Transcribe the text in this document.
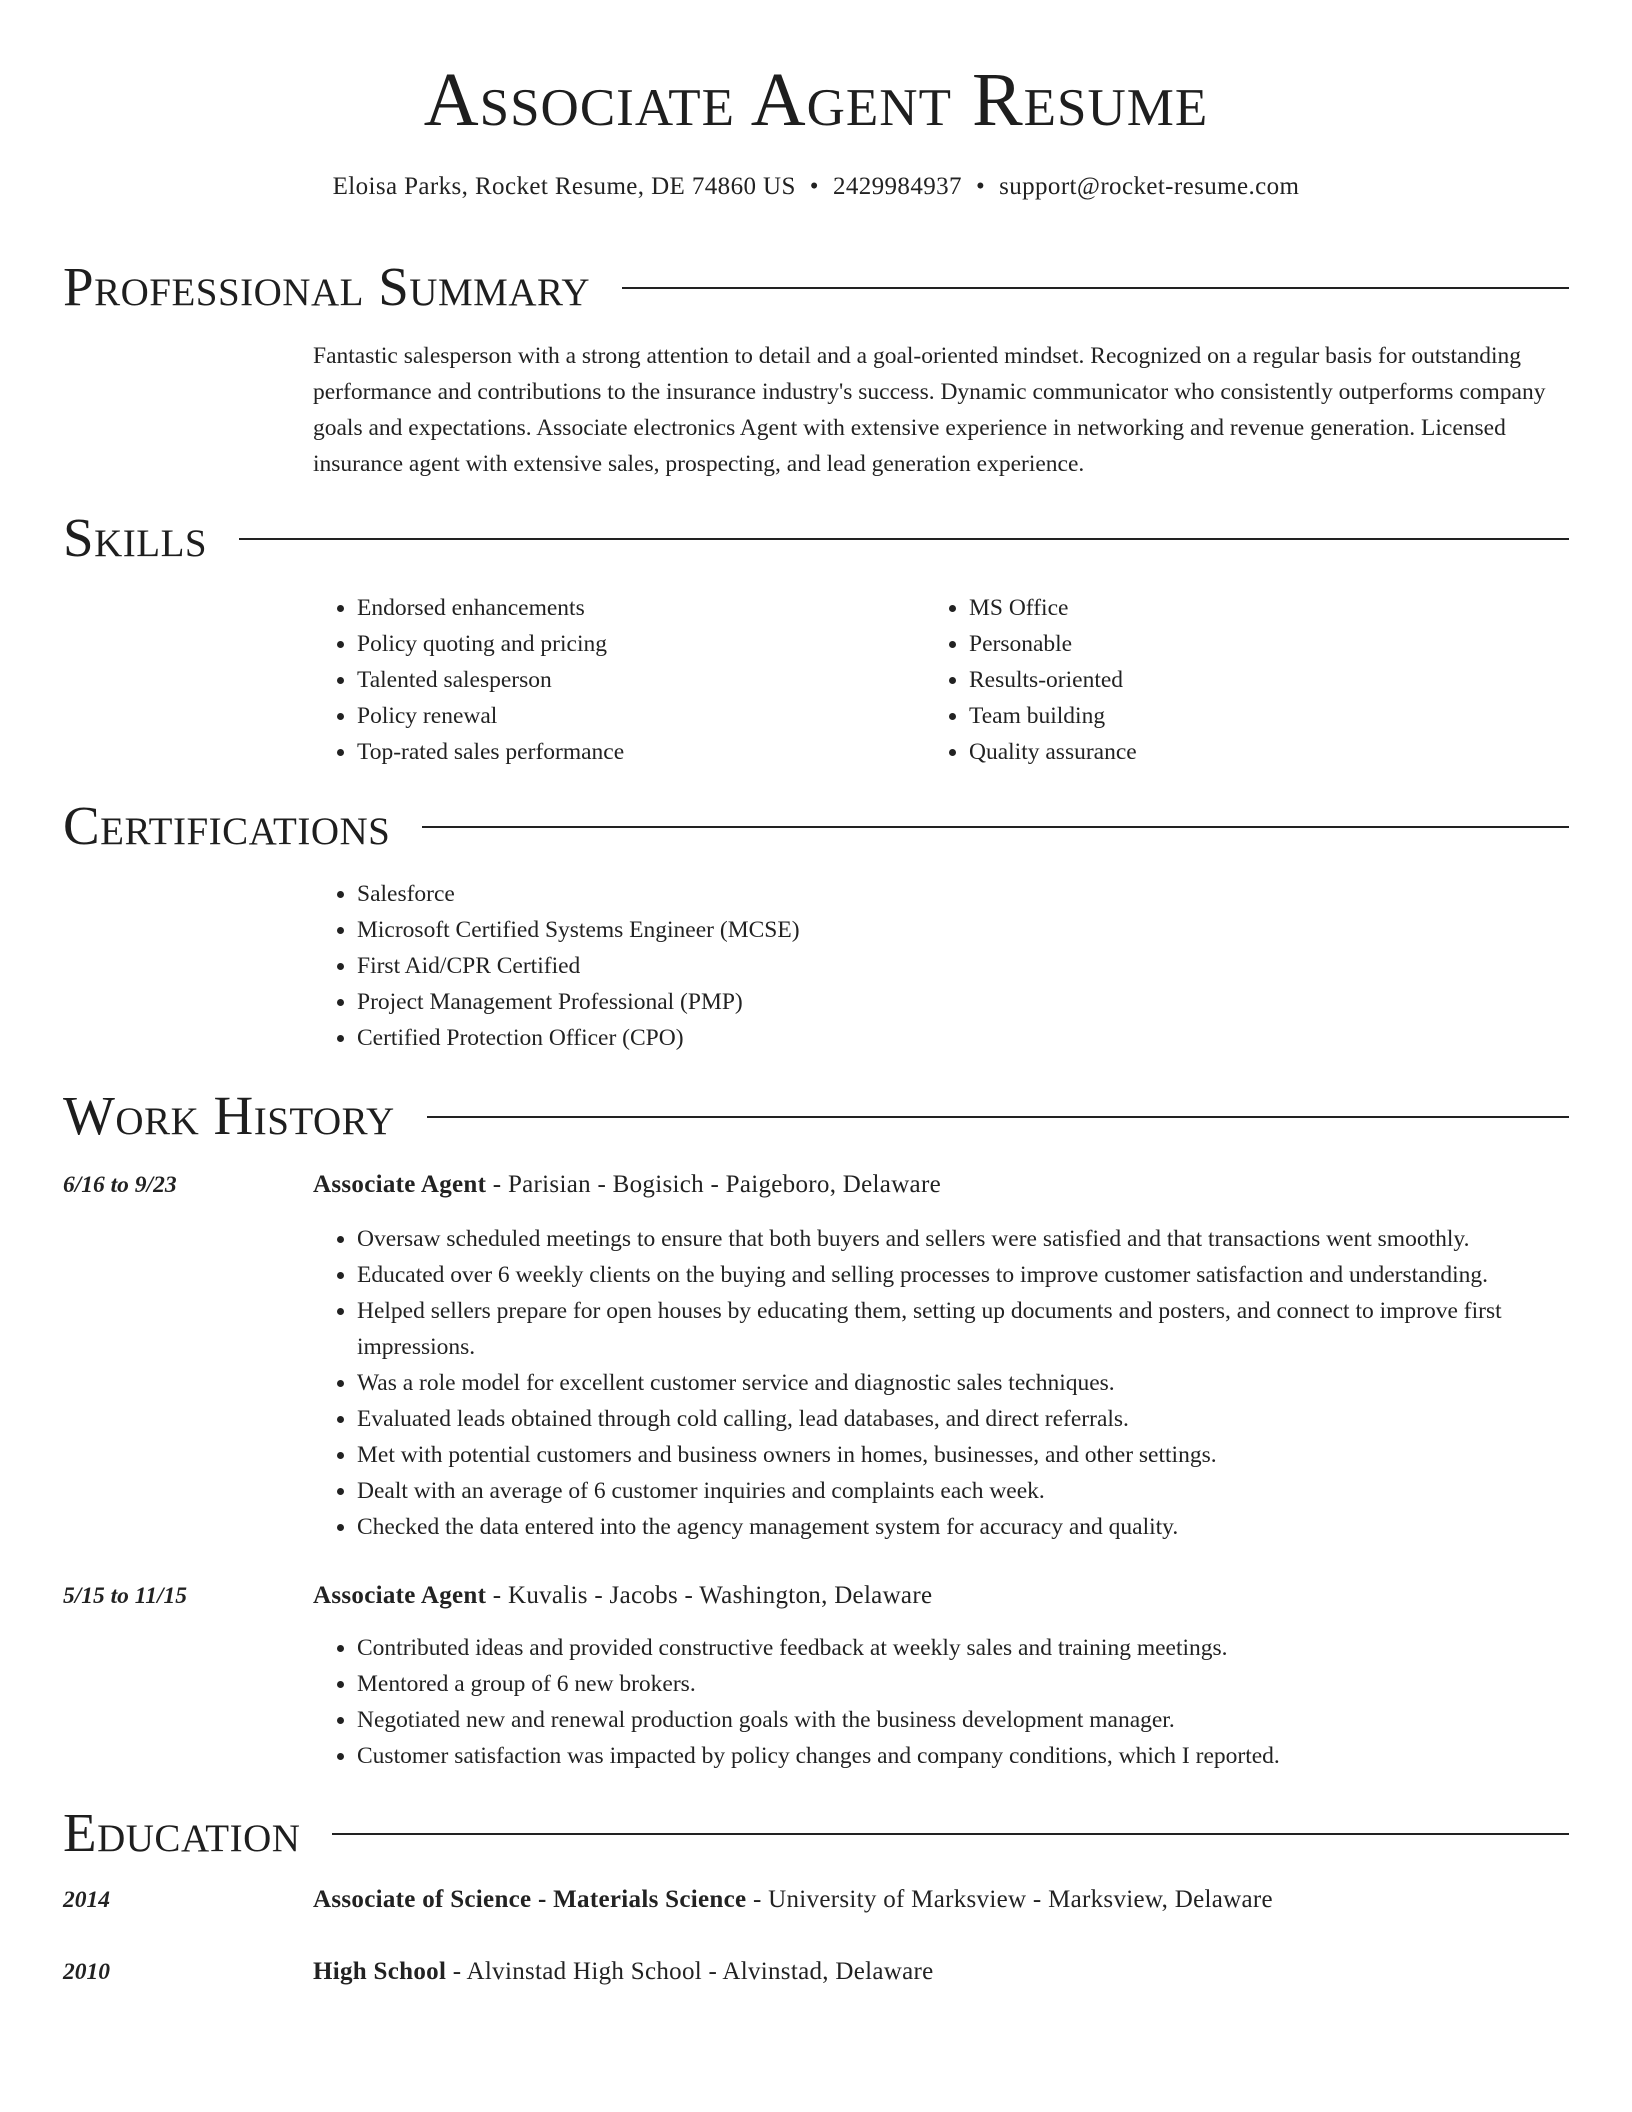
Associate Agent Resume
Eloisa Parks, Rocket Resume, DE 74860 US • 2429984937 • support@rocket-resume.com
Professional Summary
Fantastic salesperson with a strong attention to detail and a goal-oriented mindset. Recognized on a regular basis for outstanding performance and contributions to the insurance industry's success. Dynamic communicator who consistently outperforms company goals and expectations. Associate electronics Agent with extensive experience in networking and revenue generation. Licensed insurance agent with extensive sales, prospecting, and lead generation experience.
Skills
• Endorsed enhancements
• Policy quoting and pricing
• Talented salesperson
• Policy renewal
• Top-rated sales performance
• MS Office
• Personable
• Results-oriented
• Team building
• Quality assurance
Certifications
• Salesforce
• Microsoft Certified Systems Engineer (MCSE)
• First Aid/CPR Certified
• Project Management Professional (PMP)
• Certified Protection Officer (CPO)
Work History
6/16 to 9/23	Associate Agent - Parisian - Bogisich - Paigeboro, Delaware
• Oversaw scheduled meetings to ensure that both buyers and sellers were satisfied and that transactions went smoothly.
• Educated over 6 weekly clients on the buying and selling processes to improve customer satisfaction and understanding.
• Helped sellers prepare for open houses by educating them, setting up documents and posters, and connect to improve first impressions.
• Was a role model for excellent customer service and diagnostic sales techniques.
• Evaluated leads obtained through cold calling, lead databases, and direct referrals.
• Met with potential customers and business owners in homes, businesses, and other settings.
• Dealt with an average of 6 customer inquiries and complaints each week.
• Checked the data entered into the agency management system for accuracy and quality.
5/15 to 11/15	Associate Agent - Kuvalis - Jacobs - Washington, Delaware
• Contributed ideas and provided constructive feedback at weekly sales and training meetings.
• Mentored a group of 6 new brokers.
• Negotiated new and renewal production goals with the business development manager.
• Customer satisfaction was impacted by policy changes and company conditions, which I reported.
Education
2014	Associate of Science - Materials Science - University of Marksview - Marksview, Delaware
2010	High School - Alvinstad High School - Alvinstad, Delaware
